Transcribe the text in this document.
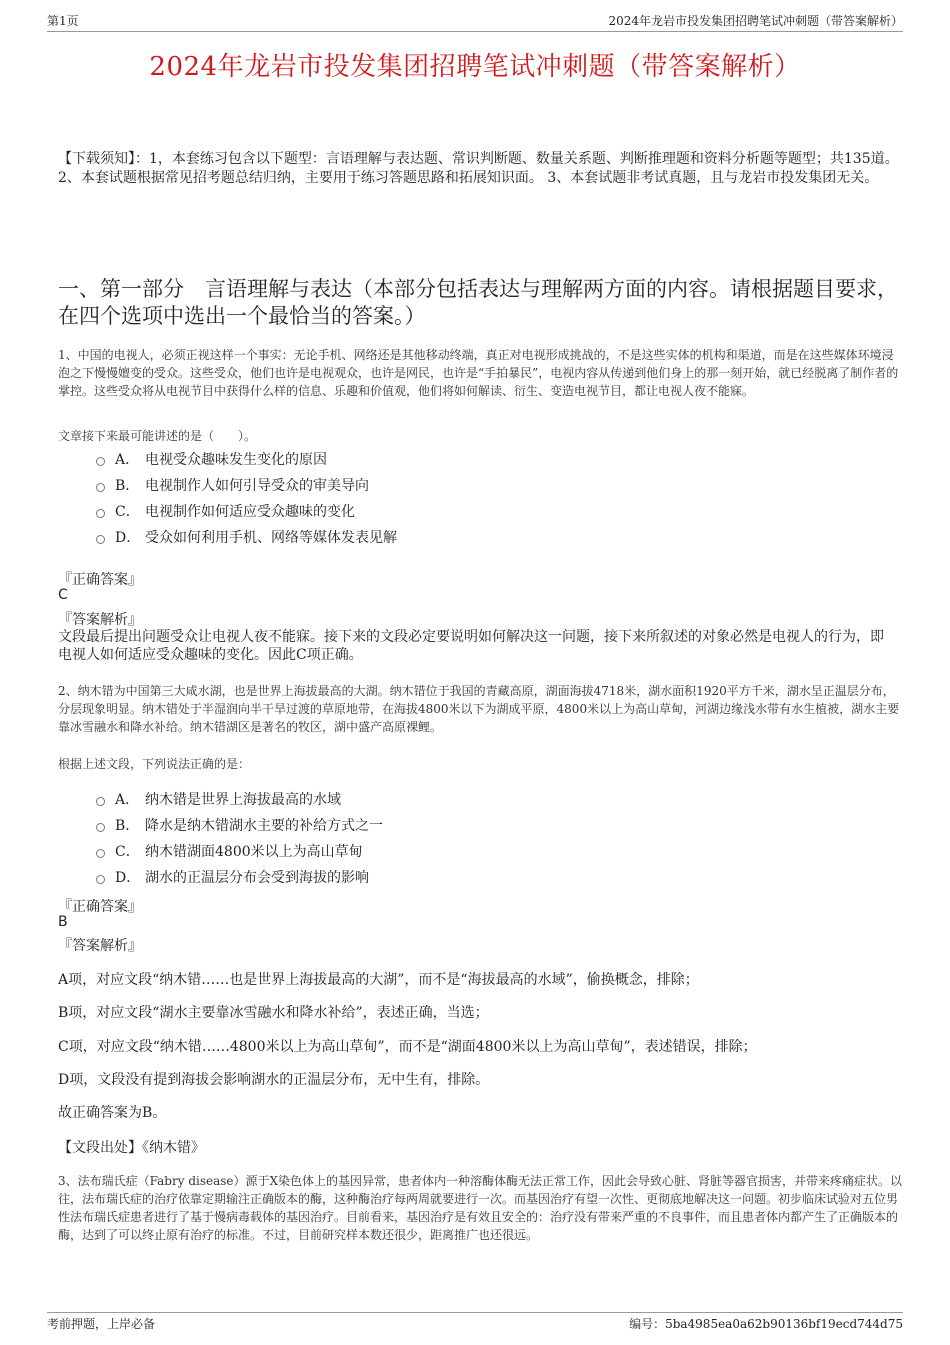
第1页	2024年龙岩市投发集团招聘笔试冲刺题（带答案解析）
2024年龙岩市投发集团招聘笔试冲刺题（带答案解析）
【下载须知】：1，本套练习包含以下题型：言语理解与表达题、常识判断题、数量关系题、判断推理题和资料分析题等题型；共135道。 2、本套试题根据常见招考题总结归纳，主要用于练习答题思路和拓展知识面。 3、本套试题非考试真题，且与龙岩市投发集团无关。
一、第一部分　言语理解与表达（本部分包括表达与理解两方面的内容。请根据题目要求，在四个选项中选出一个最恰当的答案。）
1、中国的电视人，必须正视这样一个事实：无论手机、网络还是其他移动终端，真正对电视形成挑战的，不是这些实体的机构和渠道，而是在这些媒体环境浸泡之下慢慢嬗变的受众。这些受众，他们也许是电视观众，也许是网民，也许是“手拍暴民”，电视内容从传递到他们身上的那一刻开始，就已经脱离了制作者的掌控。这些受众将从电视节目中获得什么样的信息、乐趣和价值观，他们将如何解读、衍生、变造电视节目，都让电视人夜不能寐。
文章接下来最可能讲述的是（　　）。
A． 电视受众趣味发生变化的原因
B． 电视制作人如何引导受众的审美导向
C． 电视制作如何适应受众趣味的变化
D． 受众如何利用手机、网络等媒体发表见解
『正确答案』
C
『答案解析』
文段最后提出问题受众让电视人夜不能寐。接下来的文段必定要说明如何解决这一问题，接下来所叙述的对象必然是电视人的行为，即电视人如何适应受众趣味的变化。因此C项正确。
2、纳木错为中国第三大咸水湖，也是世界上海拔最高的大湖。纳木错位于我国的青藏高原，湖面海拔4718米，湖水面积1920平方千米，湖水呈正温层分布，分层现象明显。纳木错处于半湿润向半干旱过渡的草原地带，在海拔4800米以下为湖成平原，4800米以上为高山草甸，河湖边缘浅水带有水生植被，湖水主要靠冰雪融水和降水补给。纳木错湖区是著名的牧区，湖中盛产高原裸鲤。
根据上述文段，下列说法正确的是：
A． 纳木错是世界上海拔最高的水域
B． 降水是纳木错湖水主要的补给方式之一
C． 纳木错湖面4800米以上为高山草甸
D． 湖水的正温层分布会受到海拔的影响
『正确答案』
B
『答案解析』
A项，对应文段“纳木错……也是世界上海拔最高的大湖”，而不是“海拔最高的水域”，偷换概念，排除；
B项，对应文段“湖水主要靠冰雪融水和降水补给”，表述正确，当选；
C项，对应文段“纳木错……4800米以上为高山草甸”，而不是“湖面4800米以上为高山草甸”，表述错误，排除；
D项，文段没有提到海拔会影响湖水的正温层分布，无中生有，排除。
故正确答案为B。
【文段出处】《纳木错》
3、法布瑞氏症（Fabry disease）源于X染色体上的基因异常，患者体内一种溶酶体酶无法正常工作，因此会导致心脏、肾脏等器官损害，并带来疼痛症状。以往，法布瑞氏症的治疗依靠定期输注正确版本的酶，这种酶治疗每两周就要进行一次。而基因治疗有望一次性、更彻底地解决这一问题。初步临床试验对五位男性法布瑞氏症患者进行了基于慢病毒载体的基因治疗。目前看来，基因治疗是有效且安全的：治疗没有带来严重的不良事件，而且患者体内都产生了正确版本的酶，达到了可以终止原有治疗的标准。不过，目前研究样本数还很少，距离推广也还很远。
考前押题，上岸必备	编号：5ba4985ea0a62b90136bf19ecd744d75
